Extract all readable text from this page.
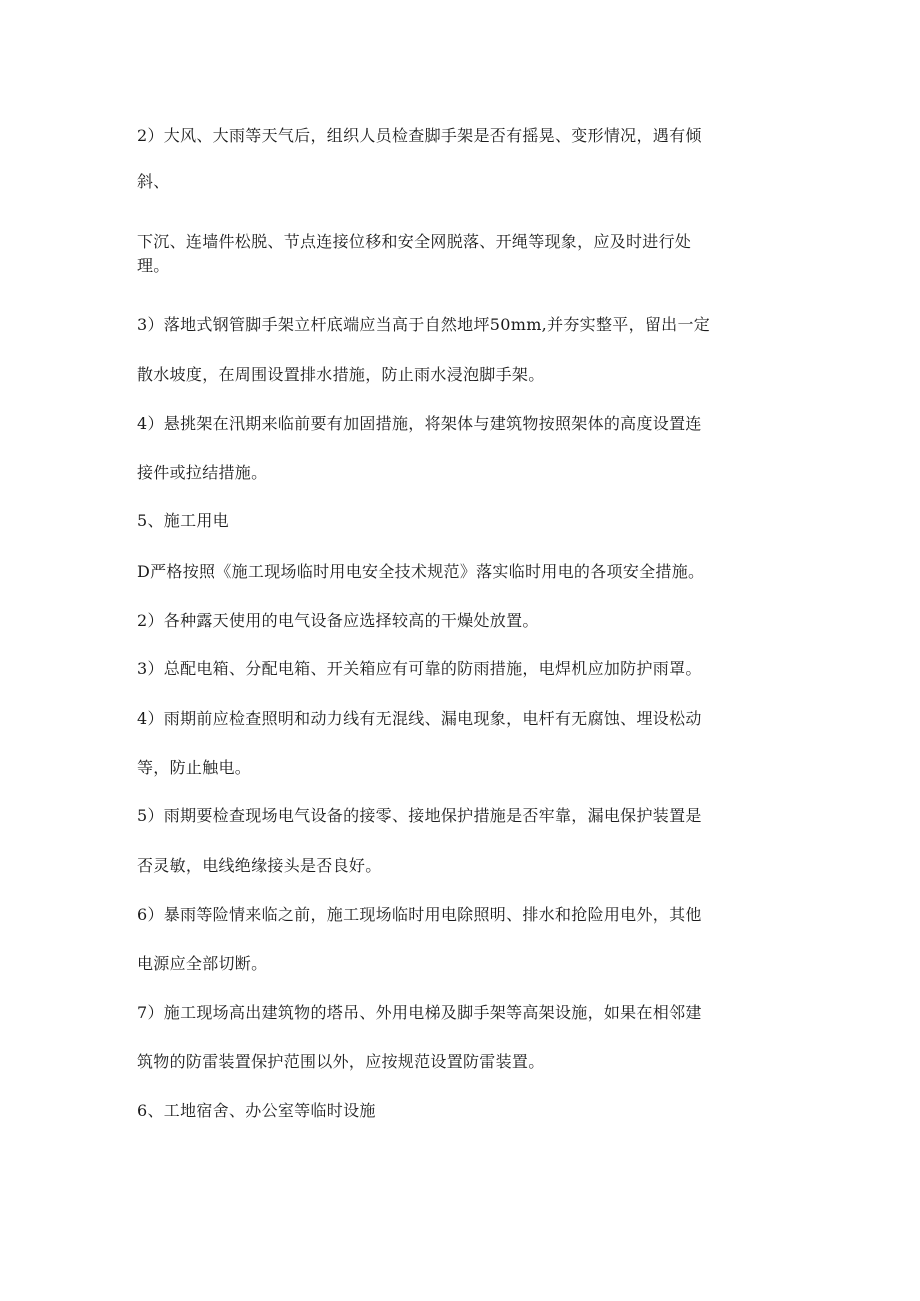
2）大风、大雨等天气后，组织人员检查脚手架是否有摇晃、变形情况，遇有倾
斜、
下沉、连墙件松脱、节点连接位移和安全网脱落、开绳等现象，应及时进行处
理。
3）落地式钢管脚手架立杆底端应当高于自然地坪50mm,并夯实整平，留出一定
散水坡度，在周围设置排水措施，防止雨水浸泡脚手架。
4）悬挑架在汛期来临前要有加固措施，将架体与建筑物按照架体的高度设置连
接件或拉结措施。
5、施工用电
D严格按照《施工现场临时用电安全技术规范》落实临时用电的各项安全措施。
2）各种露天使用的电气设备应选择较高的干燥处放置。
3）总配电箱、分配电箱、开关箱应有可靠的防雨措施，电焊机应加防护雨罩。
4）雨期前应检查照明和动力线有无混线、漏电现象，电杆有无腐蚀、埋设松动
等，防止触电。
5）雨期要检查现场电气设备的接零、接地保护措施是否牢靠，漏电保护装置是
否灵敏，电线绝缘接头是否良好。
6）暴雨等险情来临之前，施工现场临时用电除照明、排水和抢险用电外，其他
电源应全部切断。
7）施工现场高出建筑物的塔吊、外用电梯及脚手架等高架设施，如果在相邻建
筑物的防雷装置保护范围以外，应按规范设置防雷装置。
6、工地宿舍、办公室等临时设施
